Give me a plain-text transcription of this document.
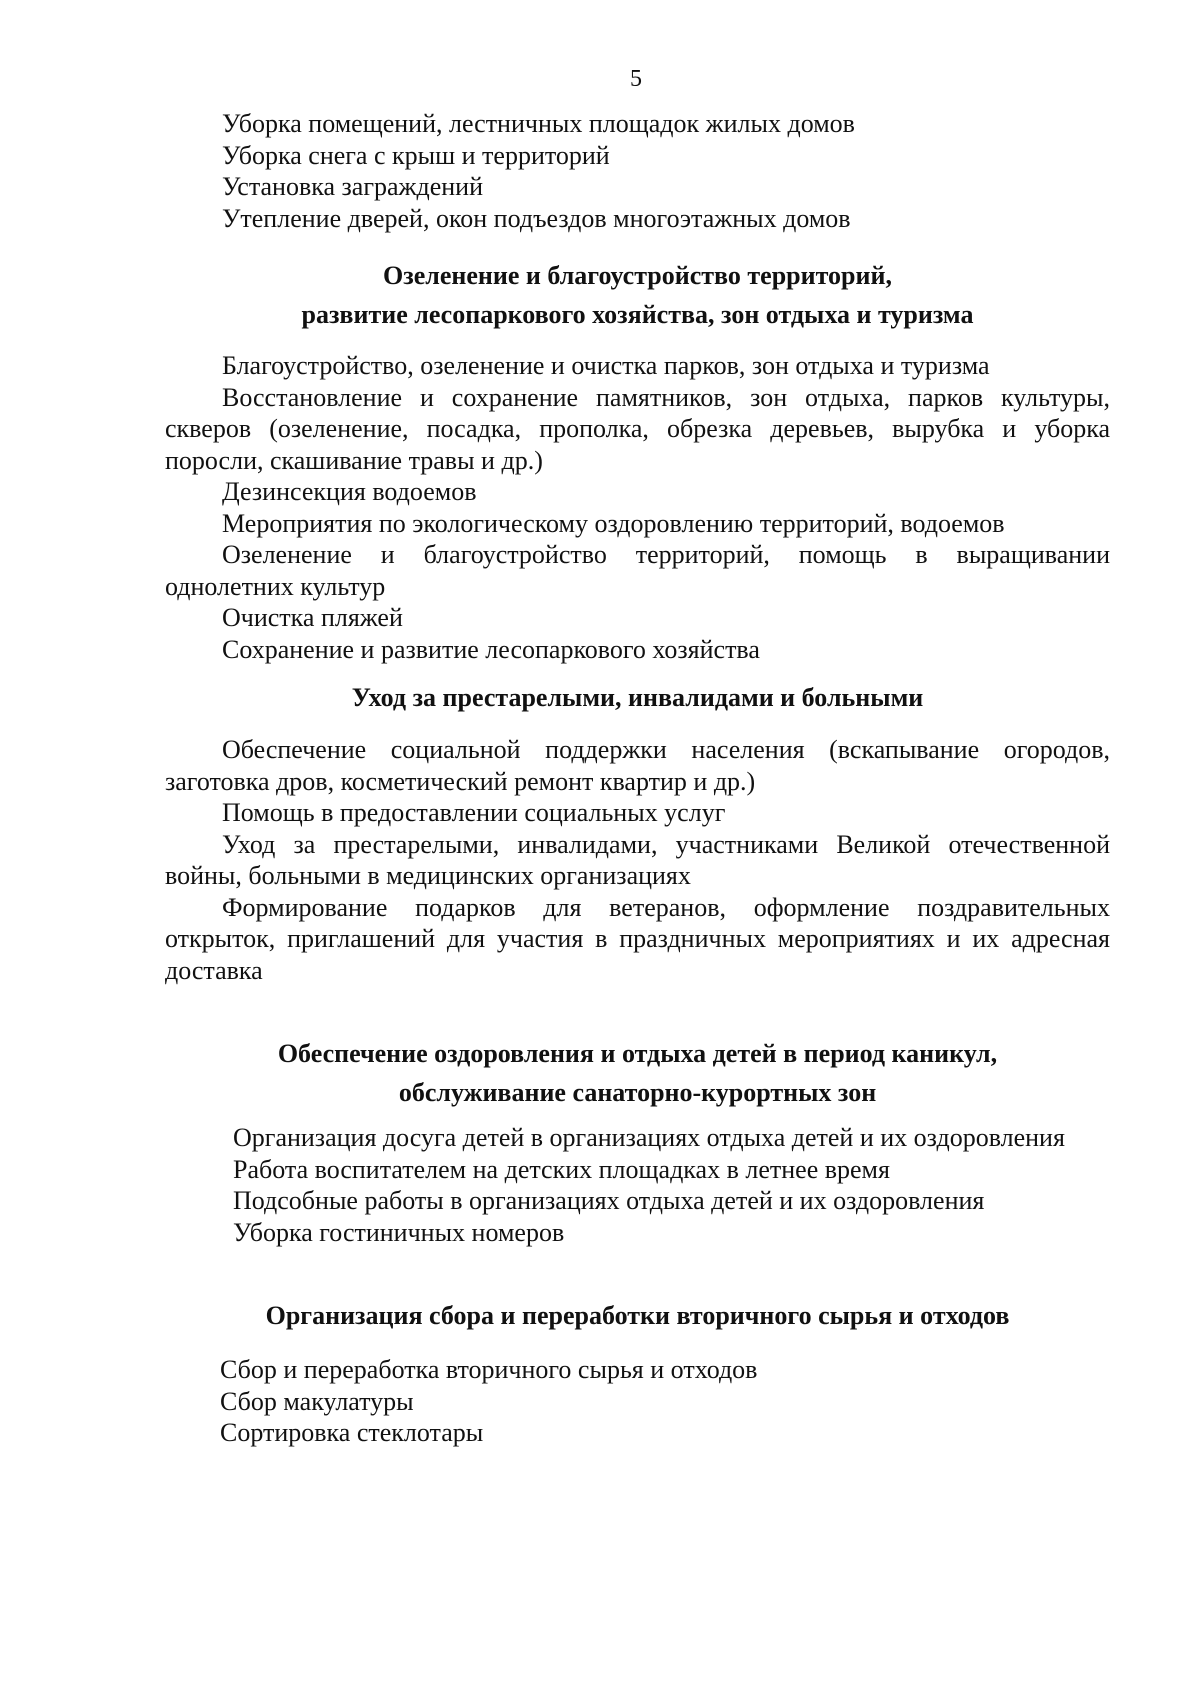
5
Уборка помещений, лестничных площадок жилых домов
Уборка снега с крыш и территорий
Установка заграждений
Утепление дверей, окон подъездов многоэтажных домов
Озеленение и благоустройство территорий,
развитие лесопаркового хозяйства, зон отдыха и туризма

Благоустройство, озеленение и очистка парков, зон отдыха и туризма

Восстановление и сохранение памятников, зон отдыха, парков культуры, скверов (озеленение, посадка, прополка, обрезка деревьев, вырубка и уборка поросли, скашивание травы и др.)

Дезинсекция водоемов

Мероприятия по экологическому оздоровлению территорий, водоемов

Озеленение и благоустройство территорий, помощь в выращивании однолетних культур

Очистка пляжей

Сохранение и развитие лесопаркового хозяйства

Уход за престарелыми, инвалидами и больными

Обеспечение социальной поддержки населения (вскапывание огородов, заготовка дров, косметический ремонт квартир и др.)

Помощь в предоставлении социальных услуг

Уход за престарелыми, инвалидами, участниками Великой отечественной войны, больными в медицинских организациях

Формирование подарков для ветеранов, оформление поздравительных открыток, приглашений для участия в праздничных мероприятиях и их адресная доставка

Обеспечение оздоровления и отдыха детей в период каникул,
обслуживание санаторно-курортных зон

Организация досуга детей в организациях отдыха детей и их оздоровления

Работа воспитателем на детских площадках в летнее время

Подсобные работы в организациях отдыха детей и их оздоровления

Уборка гостиничных номеров

Организация сбора и переработки вторичного сырья и отходов
Сбор и переработка вторичного сырья и отходов
Сбор макулатуры
Сортировка стеклотары
